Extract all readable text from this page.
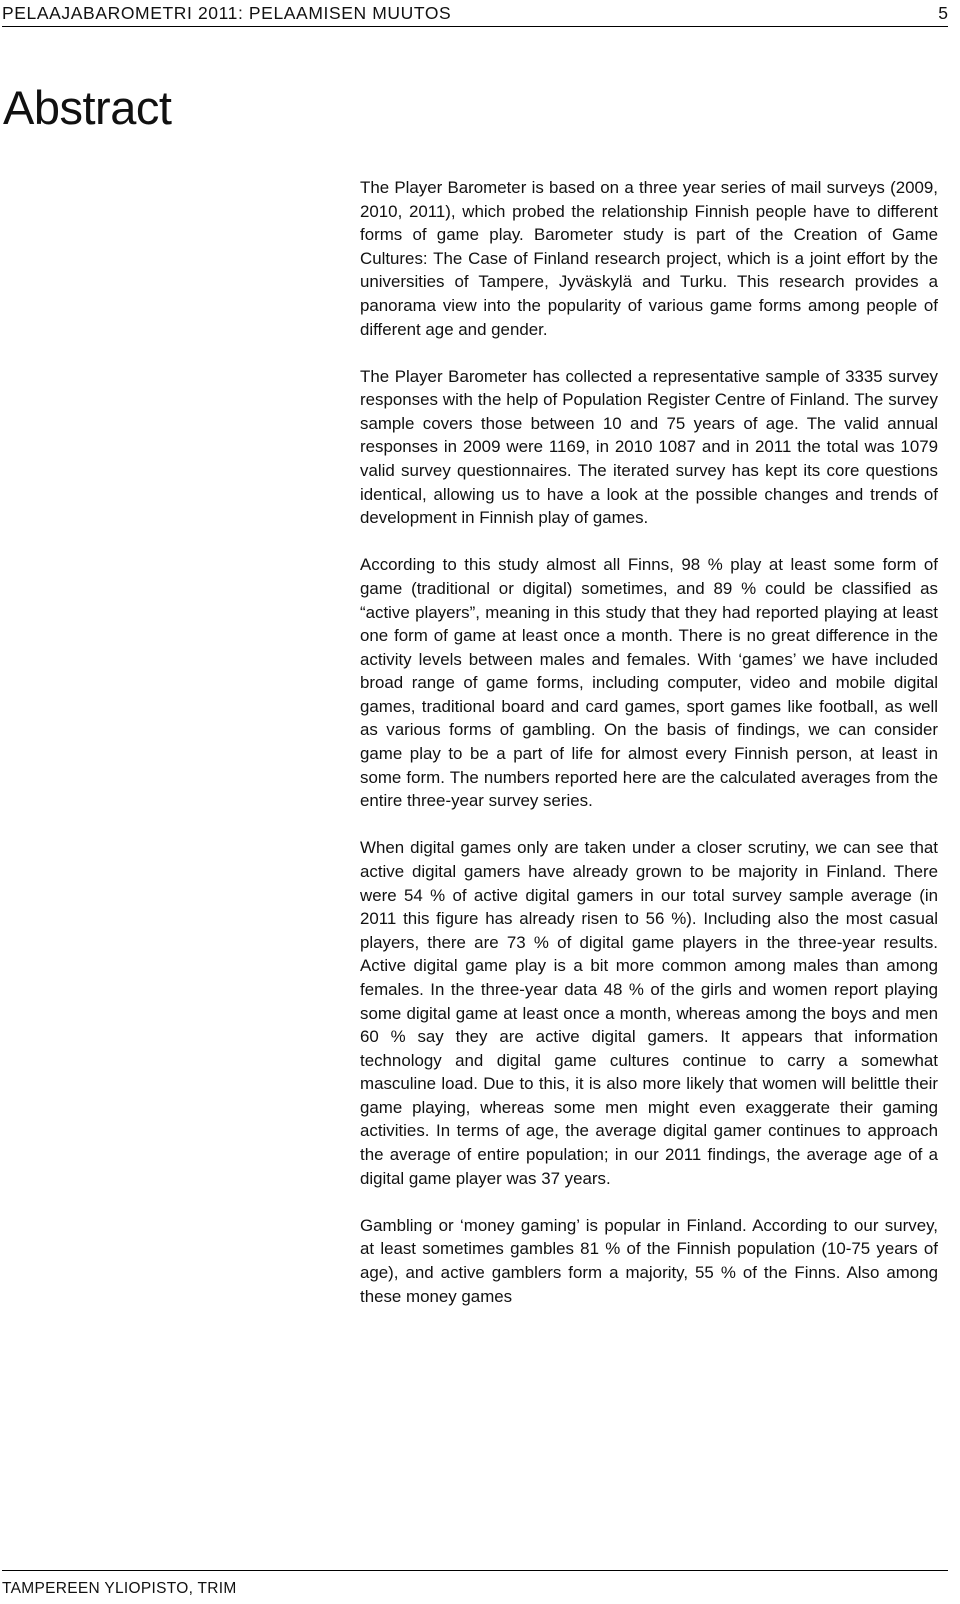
PELAAJABAROMETRI 2011: PELAAMISEN MUUTOS	5
Abstract

The Player Barometer is based on a three year series of mail surveys (2009, 2010, 2011), which probed the relationship Finnish people have to different forms of game play. Barometer study is part of the Creation of Game Cultures: The Case of Finland research project, which is a joint effort by the universities of Tampere, Jyväskylä and Turku. This research provides a panorama view into the popularity of various game forms among people of different age and gender.

The Player Barometer has collected a representative sample of 3335 survey responses with the help of Population Register Centre of Finland. The survey sample covers those between 10 and 75 years of age. The valid annual responses in 2009 were 1169, in 2010 1087 and in 2011 the total was 1079 valid survey questionnaires. The iterated survey has kept its core questions identical, allowing us to have a look at the possible changes and trends of development in Finnish play of games.

According to this study almost all Finns, 98 % play at least some form of game (traditional or digital) sometimes, and 89 % could be classified as “active players”, meaning in this study that they had reported playing at least one form of game at least once a month. There is no great difference in the activity levels between males and females. With ‘games’ we have included broad range of game forms, including computer, video and mobile digital games, traditional board and card games, sport games like football, as well as various forms of gambling. On the basis of findings, we can consider game play to be a part of life for almost every Finnish person, at least in some form. The numbers reported here are the calculated averages from the entire three-year survey series.

When digital games only are taken under a closer scrutiny, we can see that active digital gamers have already grown to be majority in Finland. There were 54 % of active digital gamers in our total survey sample average (in 2011 this figure has already risen to 56 %). Including also the most casual players, there are 73 % of digital game players in the three-year results. Active digital game play is a bit more common among males than among females. In the three-year data 48 % of the girls and women report playing some digital game at least once a month, whereas among the boys and men 60 % say they are active digital gamers. It appears that information technology and digital game cultures continue to carry a somewhat masculine load. Due to this, it is also more likely that women will belittle their game playing, whereas some men might even exaggerate their gaming activities. In terms of age, the average digital gamer continues to approach the average of entire population; in our 2011 findings, the average age of a digital game player was 37 years.

Gambling or ‘money gaming’ is popular in Finland. According to our survey, at least sometimes gambles 81 % of the Finnish population (10-75 years of age), and active gamblers form a majority, 55 % of the Finns. Also among these money games

TAMPEREEN YLIOPISTO, TRIM
